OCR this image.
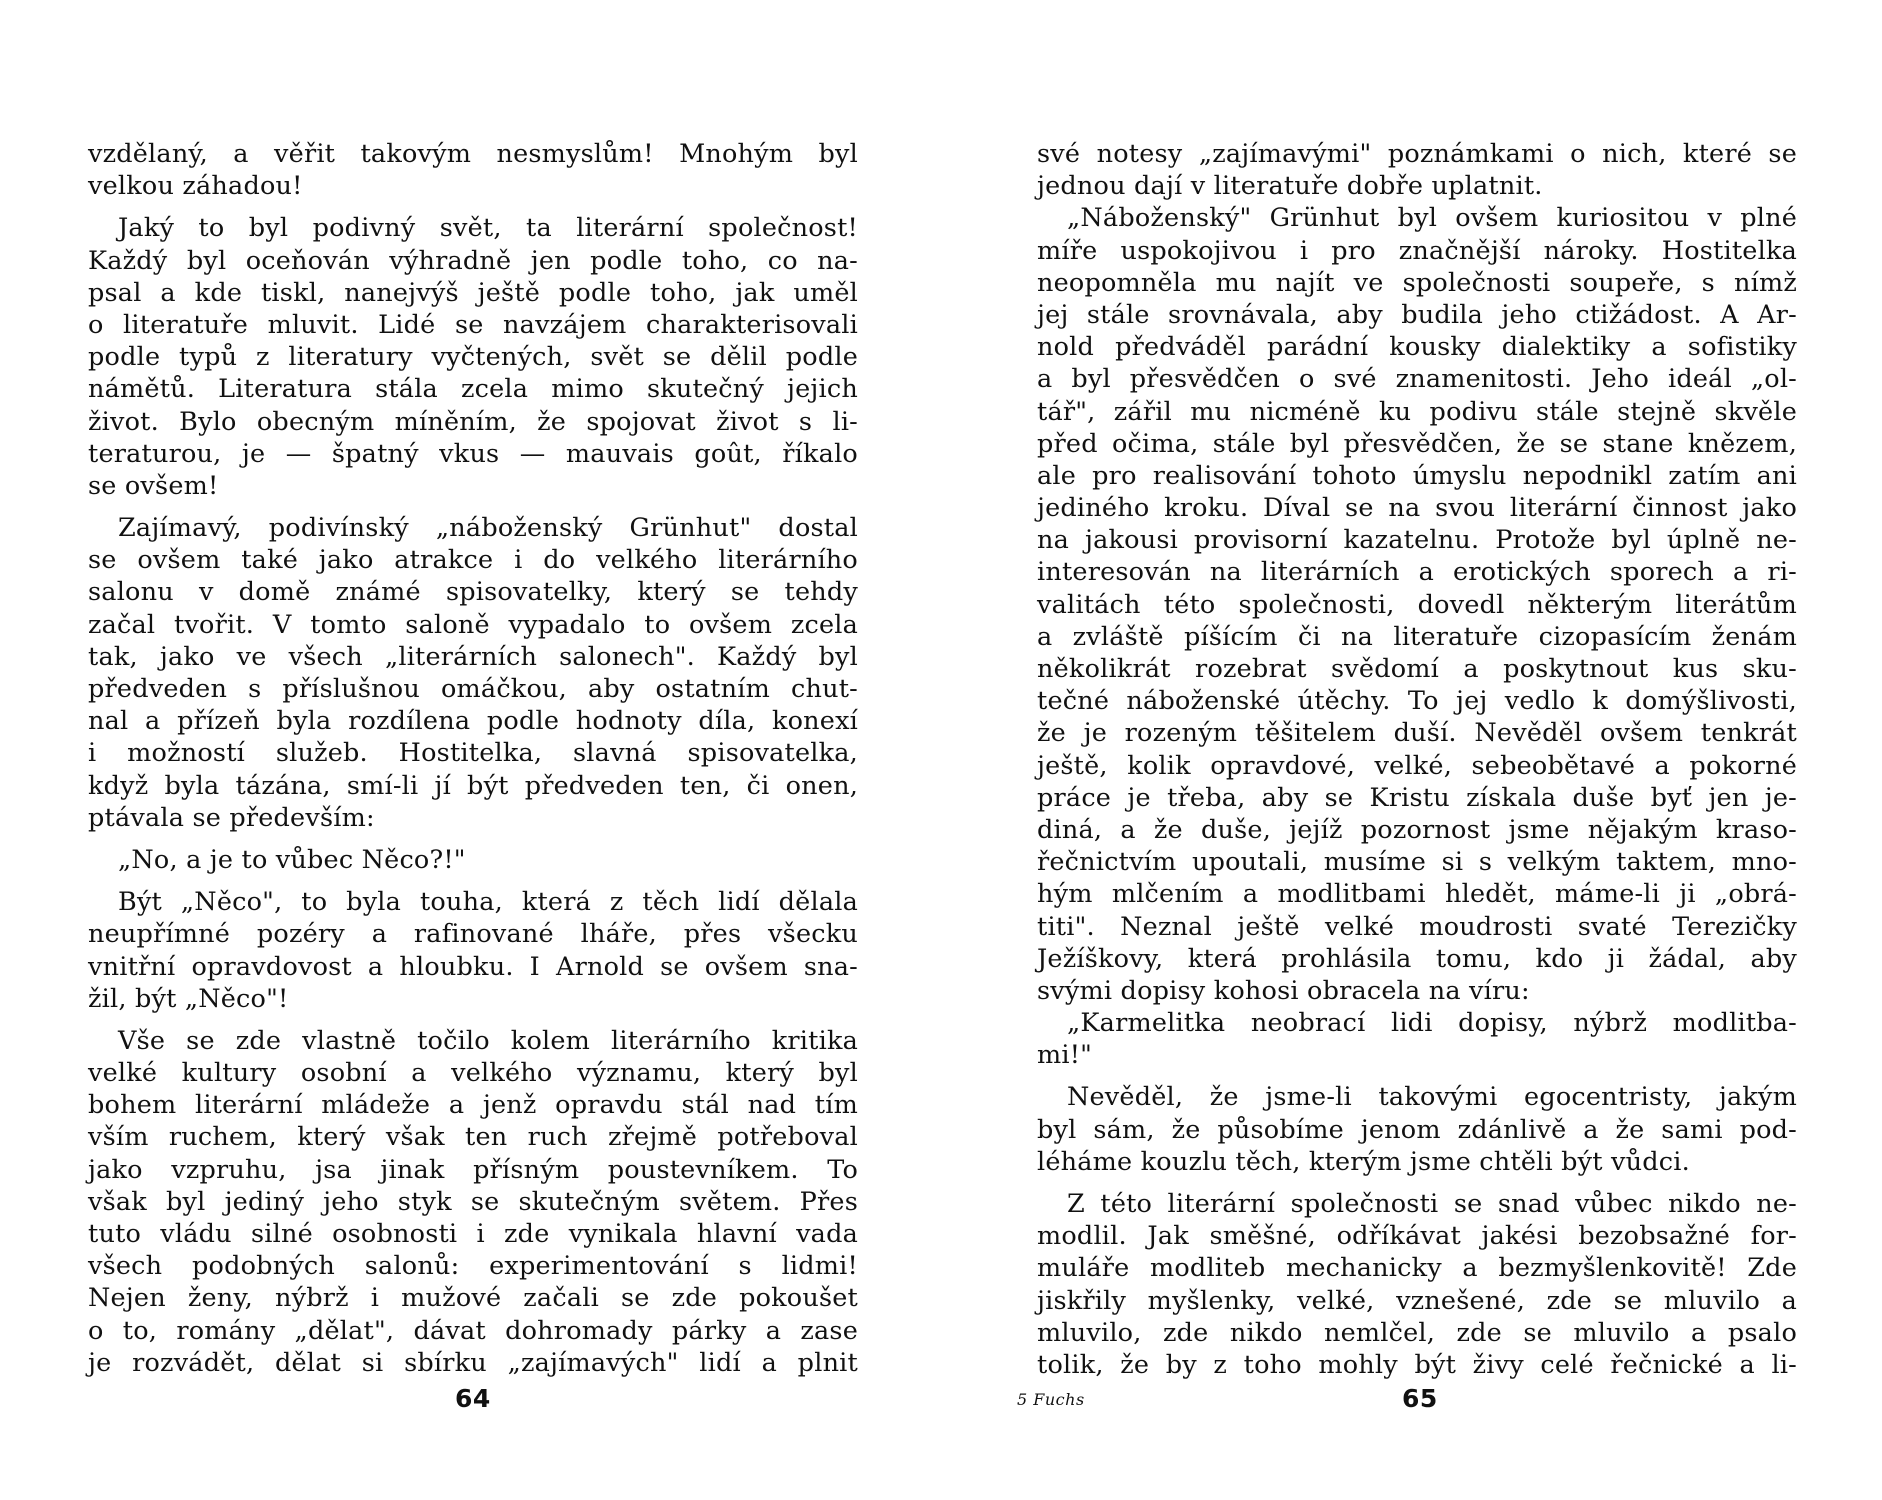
vzdělaný, a věřit takovým nesmyslům! Mnohým byl
velkou záhadou!
Jaký to byl podivný svět, ta literární společnost!
Každý byl oceňován výhradně jen podle toho, co na-
psal a kde tiskl, nanejvýš ještě podle toho, jak uměl
o literatuře mluvit. Lidé se navzájem charakterisovali
podle typů z literatury vyčtených, svět se dělil podle
námětů. Literatura stála zcela mimo skutečný jejich
život. Bylo obecným míněním, že spojovat život s li-
teraturou, je — špatný vkus — mauvais goût, říkalo
se ovšem!
Zajímavý, podivínský „náboženský Grünhut" dostal
se ovšem také jako atrakce i do velkého literárního
salonu v domě známé spisovatelky, který se tehdy
začal tvořit. V tomto saloně vypadalo to ovšem zcela
tak, jako ve všech „literárních salonech". Každý byl
předveden s příslušnou omáčkou, aby ostatním chut-
nal a přízeň byla rozdílena podle hodnoty díla, konexí
i možností služeb. Hostitelka, slavná spisovatelka,
když byla tázána, smí-li jí být předveden ten, či onen,
ptávala se především:
„No, a je to vůbec Něco?!"
Být „Něco", to byla touha, která z těch lidí dělala
neupřímné pozéry a rafinované lháře, přes všecku
vnitřní opravdovost a hloubku. I Arnold se ovšem sna-
žil, být „Něco"!
Vše se zde vlastně točilo kolem literárního kritika
velké kultury osobní a velkého významu, který byl
bohem literární mládeže a jenž opravdu stál nad tím
vším ruchem, který však ten ruch zřejmě potřeboval
jako vzpruhu, jsa jinak přísným poustevníkem. To
však byl jediný jeho styk se skutečným světem. Přes
tuto vládu silné osobnosti i zde vynikala hlavní vada
všech podobných salonů: experimentování s lidmi!
Nejen ženy, nýbrž i mužové začali se zde pokoušet
o to, romány „dělat", dávat dohromady párky a zase
je rozvádět, dělat si sbírku „zajímavých" lidí a plnit
64
své notesy „zajímavými" poznámkami o nich, které se
jednou dají v literatuře dobře uplatnit.
„Náboženský" Grünhut byl ovšem kuriositou v plné
míře uspokojivou i pro značnější nároky. Hostitelka
neopomněla mu najít ve společnosti soupeře, s nímž
jej stále srovnávala, aby budila jeho ctižádost. A Ar-
nold předváděl parádní kousky dialektiky a sofistiky
a byl přesvědčen o své znamenitosti. Jeho ideál „ol-
tář", zářil mu nicméně ku podivu stále stejně skvěle
před očima, stále byl přesvědčen, že se stane knězem,
ale pro realisování tohoto úmyslu nepodnikl zatím ani
jediného kroku. Díval se na svou literární činnost jako
na jakousi provisorní kazatelnu. Protože byl úplně ne-
interesován na literárních a erotických sporech a ri-
valitách této společnosti, dovedl některým literátům
a zvláště píšícím či na literatuře cizopasícím ženám
několikrát rozebrat svědomí a poskytnout kus sku-
tečné náboženské útěchy. To jej vedlo k domýšlivosti,
že je rozeným těšitelem duší. Nevěděl ovšem tenkrát
ještě, kolik opravdové, velké, sebeobětavé a pokorné
práce je třeba, aby se Kristu získala duše byť jen je-
diná, a že duše, jejíž pozornost jsme nějakým kraso-
řečnictvím upoutali, musíme si s velkým taktem, mno-
hým mlčením a modlitbami hledět, máme-li ji „obrá-
titi". Neznal ještě velké moudrosti svaté Terezičky
Ježíškovy, která prohlásila tomu, kdo ji žádal, aby
svými dopisy kohosi obracela na víru:
„Karmelitka neobrací lidi dopisy, nýbrž modlitba-
mi!"
Nevěděl, že jsme-li takovými egocentristy, jakým
byl sám, že působíme jenom zdánlivě a že sami pod-
léháme kouzlu těch, kterým jsme chtěli být vůdci.
Z této literární společnosti se snad vůbec nikdo ne-
modlil. Jak směšné, odříkávat jakési bezobsažné for-
muláře modliteb mechanicky a bezmyšlenkovitě! Zde
jiskřily myšlenky, velké, vznešené, zde se mluvilo a
mluvilo, zde nikdo nemlčel, zde se mluvilo a psalo
tolik, že by z toho mohly být živy celé řečnické a li-
5 Fuchs	65
